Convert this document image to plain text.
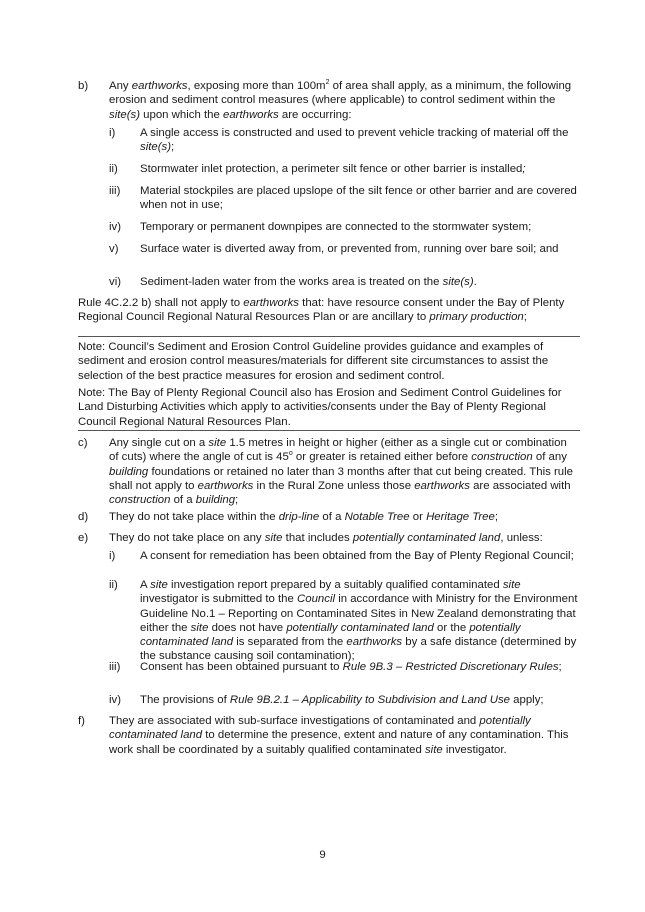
b) Any earthworks, exposing more than $100m^2$ of area shall apply, as a minimum, the following erosion and sediment control measures (where applicable) to control sediment within the site(s) upon which the earthworks are occurring:
i) A single access is constructed and used to prevent vehicle tracking of material off the site(s);
ii) Stormwater inlet protection, a perimeter silt fence or other barrier is installed;
iii) Material stockpiles are placed upslope of the silt fence or other barrier and are covered when not in use;
iv) Temporary or permanent downpipes are connected to the stormwater system;
v) Surface water is diverted away from, or prevented from, running over bare soil; and
vi) Sediment-laden water from the works area is treated on the site(s).
Rule 4C.2.2 b) shall not apply to earthworks that: have resource consent under the Bay of Plenty Regional Council Regional Natural Resources Plan or are ancillary to primary production;
Note: Council’s Sediment and Erosion Control Guideline provides guidance and examples of sediment and erosion control measures/materials for different site circumstances to assist the selection of the best practice measures for erosion and sediment control.
Note: The Bay of Plenty Regional Council also has Erosion and Sediment Control Guidelines for Land Disturbing Activities which apply to activities/consents under the Bay of Plenty Regional Council Regional Natural Resources Plan.
c) Any single cut on a site 1.5 metres in height or higher (either as a single cut or combination of cuts) where the angle of cut is 45$^o$ or greater is retained either before construction of any building foundations or retained no later than 3 months after that cut being created. This rule shall not apply to earthworks in the Rural Zone unless those earthworks are associated with construction of a building;
d) They do not take place within the drip-line of a Notable Tree or Heritage Tree;
e) They do not take place on any site that includes potentially contaminated land, unless:
i) A consent for remediation has been obtained from the Bay of Plenty Regional Council;
ii) A site investigation report prepared by a suitably qualified contaminated site investigator is submitted to the Council in accordance with Ministry for the Environment Guideline No.1 – Reporting on Contaminated Sites in New Zealand demonstrating that either the site does not have potentially contaminated land or the potentially contaminated land is separated from the earthworks by a safe distance (determined by the substance causing soil contamination);
iii) Consent has been obtained pursuant to Rule 9B.3 – Restricted Discretionary Rules;
iv) The provisions of Rule 9B.2.1 – Applicability to Subdivision and Land Use apply;
f) They are associated with sub-surface investigations of contaminated and potentially contaminated land to determine the presence, extent and nature of any contamination. This work shall be coordinated by a suitably qualified contaminated site investigator.
9
